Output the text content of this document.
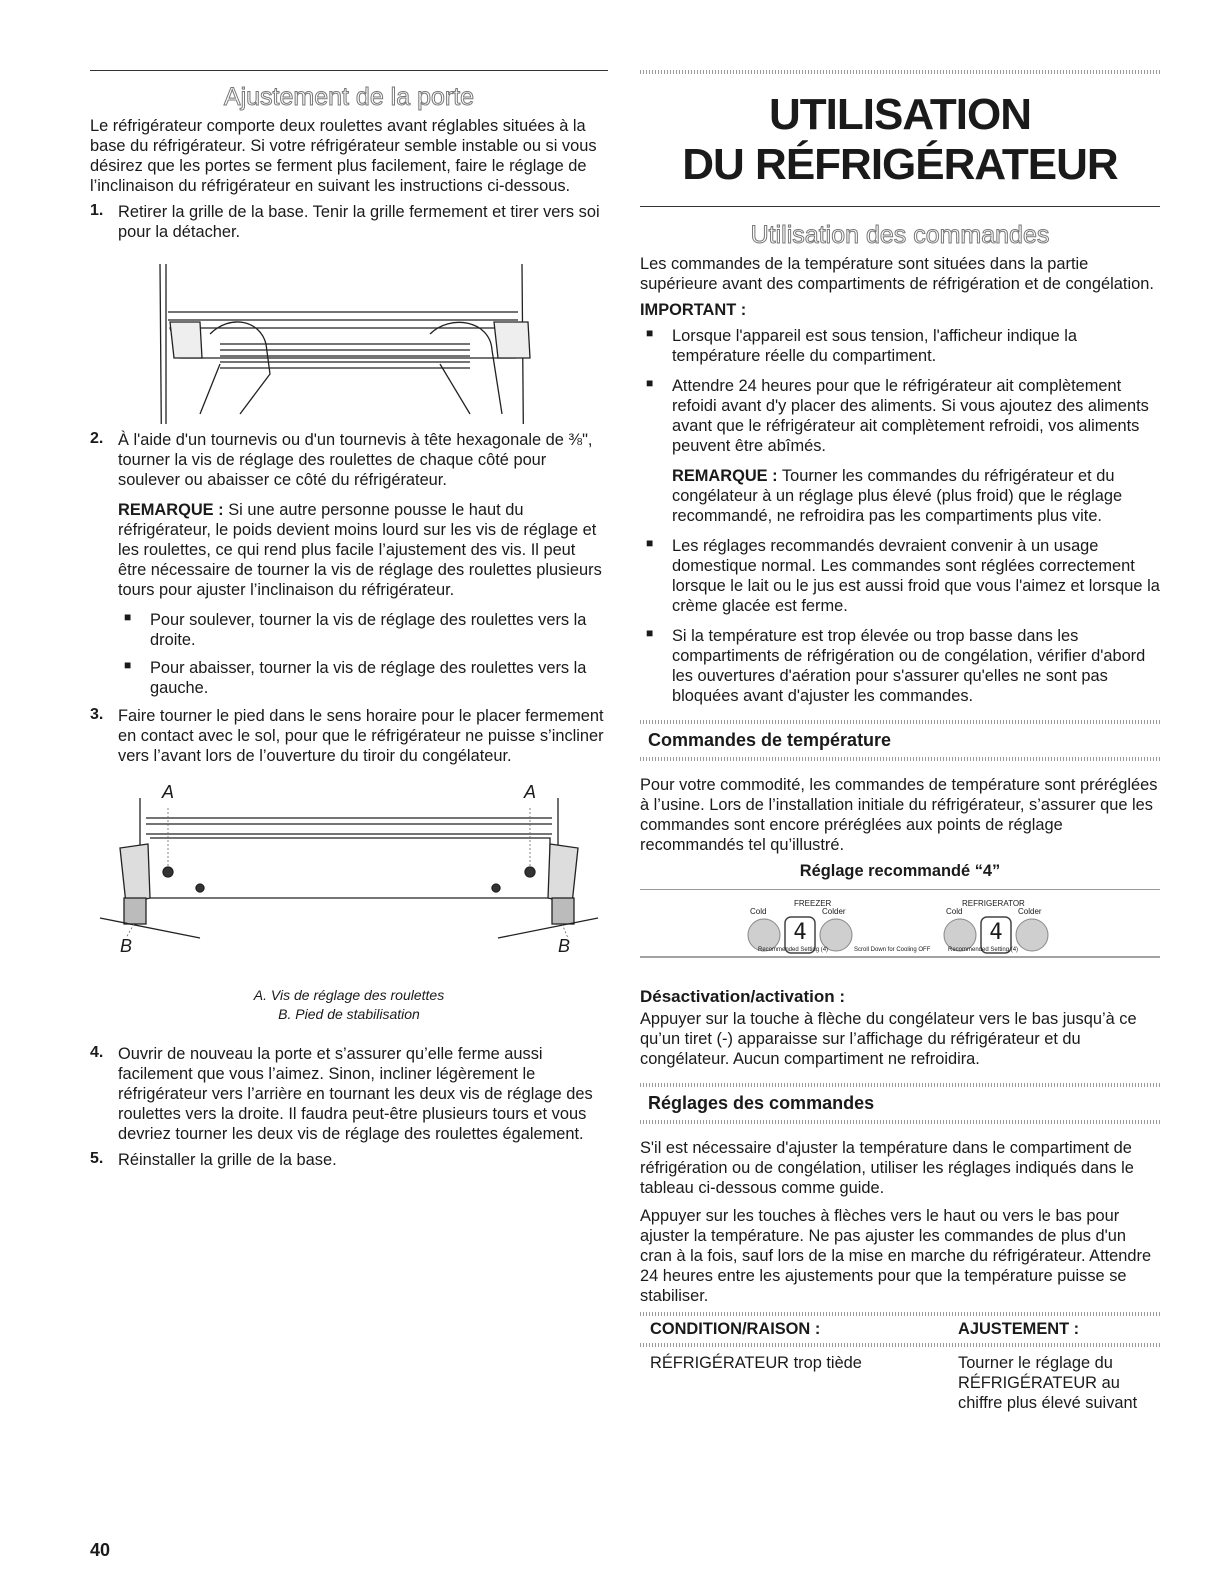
Ajustement de la porte

Le réfrigérateur comporte deux roulettes avant réglables situées à la base du réfrigérateur. Si votre réfrigérateur semble instable ou si vous désirez que les portes se ferment plus facilement, faire le réglage de l’inclinaison du réfrigérateur en suivant les instructions ci-dessous.

1. Retirer la grille de la base. Tenir la grille fermement et tirer vers soi pour la détacher.

2. À l'aide d'un tournevis ou d'un tournevis à tête hexagonale de ⅜", tourner la vis de réglage des roulettes de chaque côté pour soulever ou abaisser ce côté du réfrigérateur.

REMARQUE : Si une autre personne pousse le haut du réfrigérateur, le poids devient moins lourd sur les vis de réglage et les roulettes, ce qui rend plus facile l’ajustement des vis. Il peut être nécessaire de tourner la vis de réglage des roulettes plusieurs tours pour ajuster l’inclinaison du réfrigérateur.

■ Pour soulever, tourner la vis de réglage des roulettes vers la droite.

■ Pour abaisser, tourner la vis de réglage des roulettes vers la gauche.

3. Faire tourner le pied dans le sens horaire pour le placer fermement en contact avec le sol, pour que le réfrigérateur ne puisse s’incliner vers l’avant lors de l’ouverture du tiroir du congélateur.

A	A
B	B
A. Vis de réglage des roulettes
B. Pied de stabilisation
4. Ouvrir de nouveau la porte et s’assurer qu’elle ferme aussi facilement que vous l’aimez. Sinon, incliner légèrement le réfrigérateur vers l’arrière en tournant les deux vis de réglage des roulettes vers la droite. Il faudra peut-être plusieurs tours et vous devriez tourner les deux vis de réglage des roulettes également.

5. Réinstaller la grille de la base.

UTILISATION
DU RÉFRIGÉRATEUR
Utilisation des commandes

Les commandes de la température sont situées dans la partie supérieure avant des compartiments de réfrigération et de congélation.

IMPORTANT :

■ Lorsque l'appareil est sous tension, l'afficheur indique la température réelle du compartiment.

■ Attendre 24 heures pour que le réfrigérateur ait complètement refoidi avant d'y placer des aliments. Si vous ajoutez des aliments avant que le réfrigérateur ait complètement refroidi, vos aliments peuvent être abîmés.

REMARQUE : Tourner les commandes du réfrigérateur et du congélateur à un réglage plus élevé (plus froid) que le réglage recommandé, ne refroidira pas les compartiments plus vite.

■ Les réglages recommandés devraient convenir à un usage domestique normal. Les commandes sont réglées correctement lorsque le lait ou le jus est aussi froid que vous l'aimez et lorsque la crème glacée est ferme.

■ Si la température est trop élevée ou trop basse dans les compartiments de réfrigération ou de congélation, vérifier d'abord les ouvertures d'aération pour s'assurer qu'elles ne sont pas bloquées avant d'ajuster les commandes.

Commandes de température

Pour votre commodité, les commandes de température sont préréglées à l’usine. Lors de l’installation initiale du réfrigérateur, s’assurer que les commandes sont encore préréglées aux points de réglage recommandés tel qu’illustré.

Réglage recommandé “4”

FREEZER
Cold	Colder
REFRIGERATOR
Cold	Colder
4	4
Recommended Setting (4)	Scroll Down for Cooling OFF	Recommended Setting (4)

Désactivation/activation :

Appuyer sur la touche à flèche du congélateur vers le bas jusqu’à ce qu’un tiret (-) apparaisse sur l’affichage du réfrigérateur et du congélateur. Aucun compartiment ne refroidira.

Réglages des commandes

S'il est nécessaire d'ajuster la température dans le compartiment de réfrigération ou de congélation, utiliser les réglages indiqués dans le tableau ci-dessous comme guide.

Appuyer sur les touches à flèches vers le haut ou vers le bas pour ajuster la température. Ne pas ajuster les commandes de plus d'un cran à la fois, sauf lors de la mise en marche du réfrigérateur. Attendre 24 heures entre les ajustements pour que la température puisse se stabiliser.

CONDITION/RAISON :	AJUSTEMENT :
RÉFRIGÉRATEUR trop tiède	Tourner le réglage du RÉFRIGÉRATEUR au chiffre plus élevé suivant
40
